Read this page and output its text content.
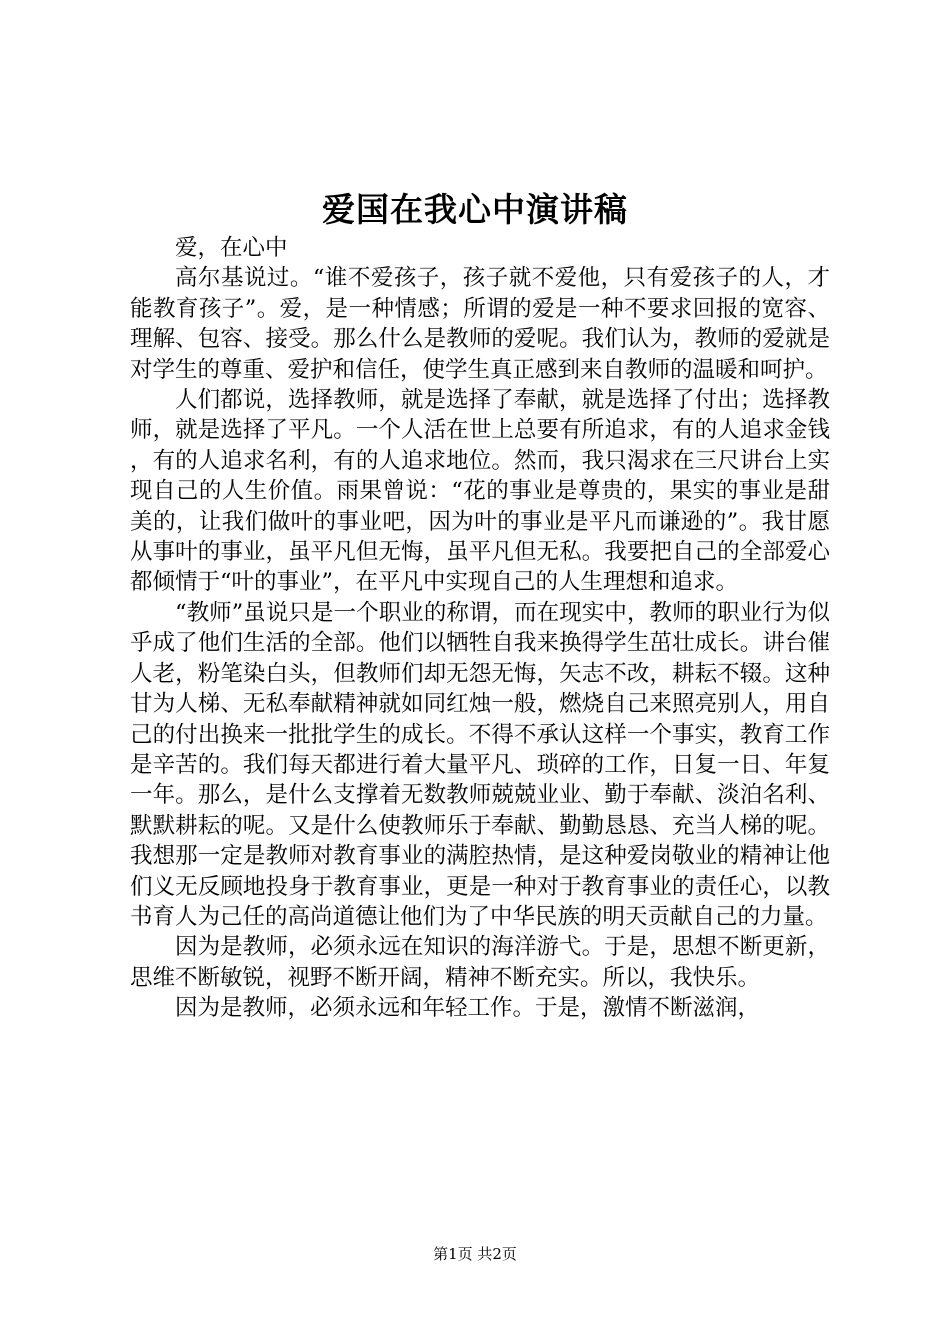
爱国在我心中演讲稿

爱，在心中

高尔基说过。“谁不爱孩子，孩子就不爱他，只有爱孩子的人，才能教育孩子”。爱，是一种情感；所谓的爱是一种不要求回报的宽容、理解、包容、接受。那么什么是教师的爱呢。我们认为，教师的爱就是对学生的尊重、爱护和信任，使学生真正感到来自教师的温暖和呵护。

人们都说，选择教师，就是选择了奉献，就是选择了付出；选择教师，就是选择了平凡。一个人活在世上总要有所追求，有的人追求金钱，有的人追求名利，有的人追求地位。然而，我只渴求在三尺讲台上实现自己的人生价值。雨果曾说：“花的事业是尊贵的，果实的事业是甜美的，让我们做叶的事业吧，因为叶的事业是平凡而谦逊的”。我甘愿从事叶的事业，虽平凡但无悔，虽平凡但无私。我要把自己的全部爱心都倾情于“叶的事业”，在平凡中实现自己的人生理想和追求。

“教师”虽说只是一个职业的称谓，而在现实中，教师的职业行为似乎成了他们生活的全部。他们以牺牲自我来换得学生茁壮成长。讲台催人老，粉笔染白头，但教师们却无怨无悔，矢志不改，耕耘不辍。这种甘为人梯、无私奉献精神就如同红烛一般，燃烧自己来照亮别人，用自己的付出换来一批批学生的成长。不得不承认这样一个事实，教育工作是辛苦的。我们每天都进行着大量平凡、琐碎的工作，日复一日、年复一年。那么，是什么支撑着无数教师兢兢业业、勤于奉献、淡泊名利、默默耕耘的呢。又是什么使教师乐于奉献、勤勤恳恳、充当人梯的呢。我想那一定是教师对教育事业的满腔热情，是这种爱岗敬业的精神让他们义无反顾地投身于教育事业，更是一种对于教育事业的责任心，以教书育人为己任的高尚道德让他们为了中华民族的明天贡献自己的力量。

因为是教师，必须永远在知识的海洋游弋。于是，思想不断更新，思维不断敏锐，视野不断开阔，精神不断充实。所以，我快乐。

因为是教师，必须永远和年轻工作。于是，激情不断滋润，

第1页 共2页
